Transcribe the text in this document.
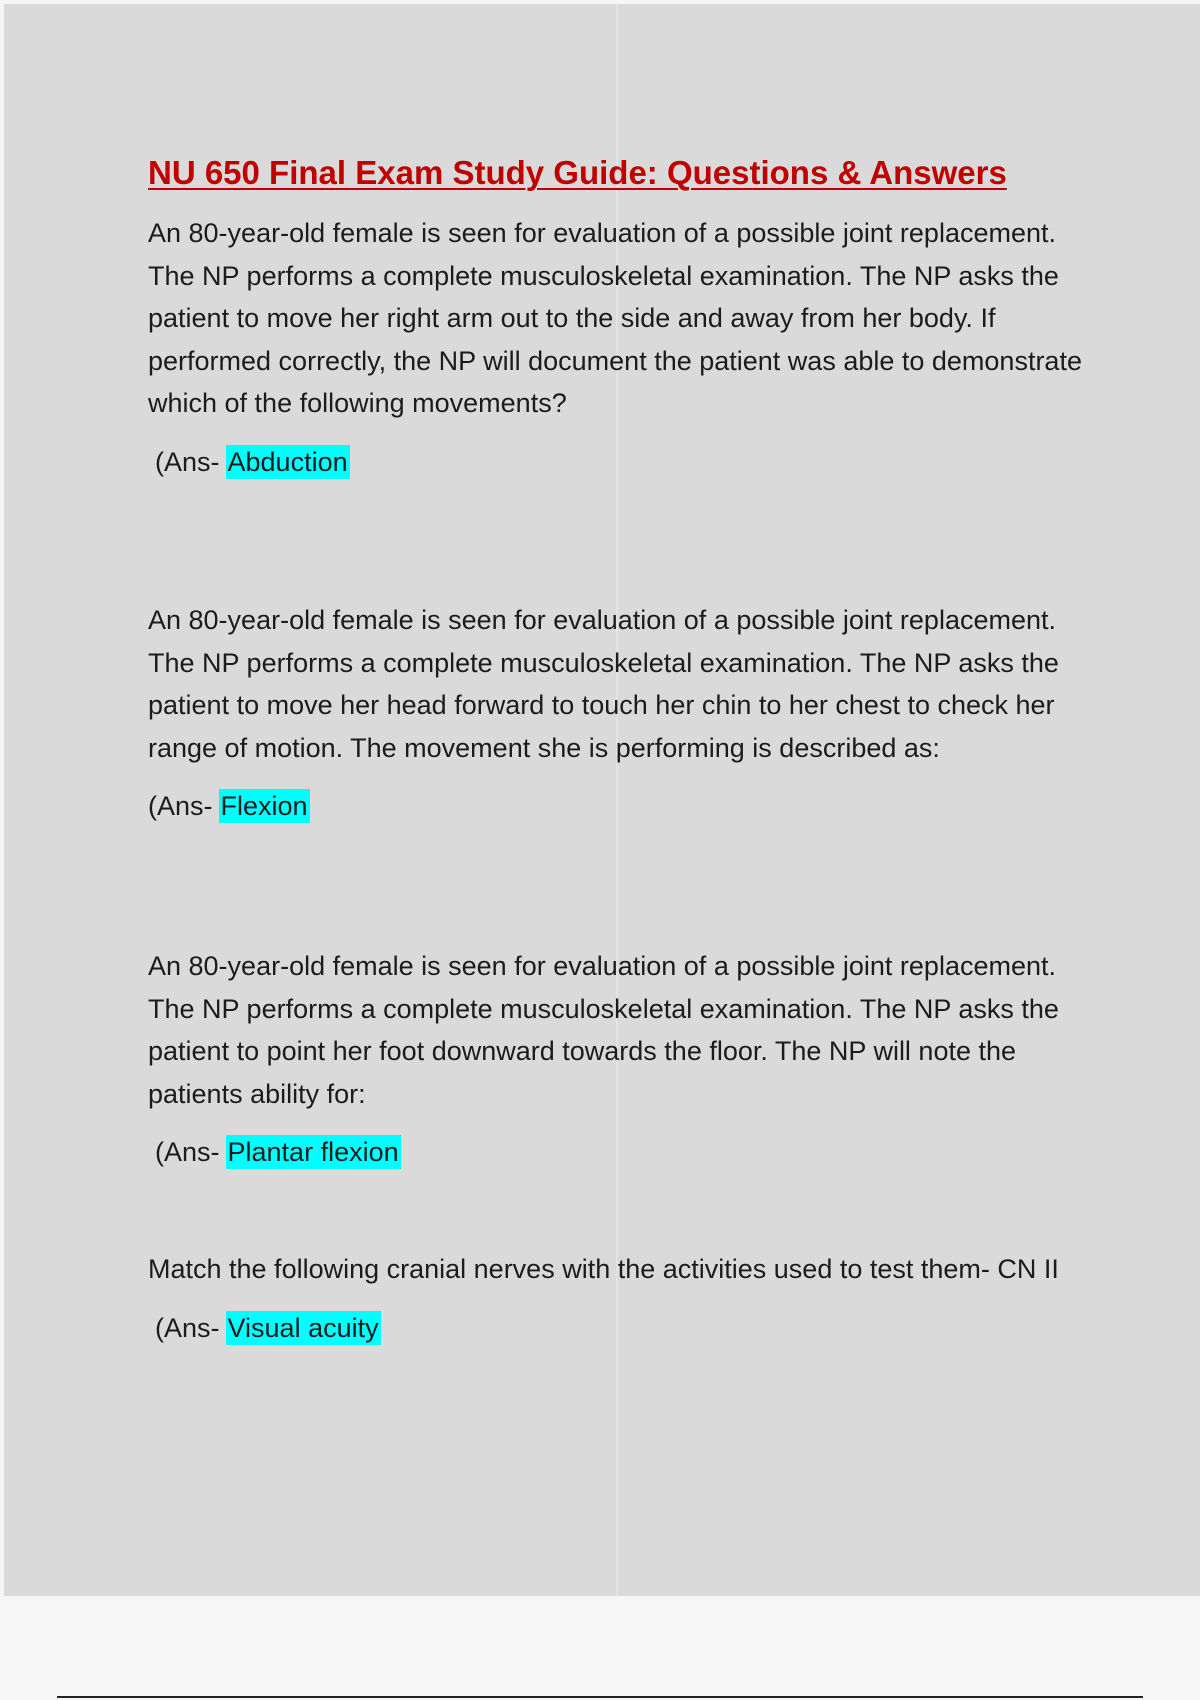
NU 650 Final Exam Study Guide: Questions & Answers

An 80-year-old female is seen for evaluation of a possible joint replacement. The NP performs a complete musculoskeletal examination. The NP asks the patient to move her right arm out to the side and away from her body. If performed correctly, the NP will document the patient was able to demonstrate which of the following movements?

(Ans- Abduction

An 80-year-old female is seen for evaluation of a possible joint replacement. The NP performs a complete musculoskeletal examination. The NP asks the patient to move her head forward to touch her chin to her chest to check her range of motion. The movement she is performing is described as:

(Ans- Flexion

An 80-year-old female is seen for evaluation of a possible joint replacement. The NP performs a complete musculoskeletal examination. The NP asks the patient to point her foot downward towards the floor. The NP will note the patients ability for:

(Ans- Plantar flexion

Match the following cranial nerves with the activities used to test them- CN II

(Ans- Visual acuity
